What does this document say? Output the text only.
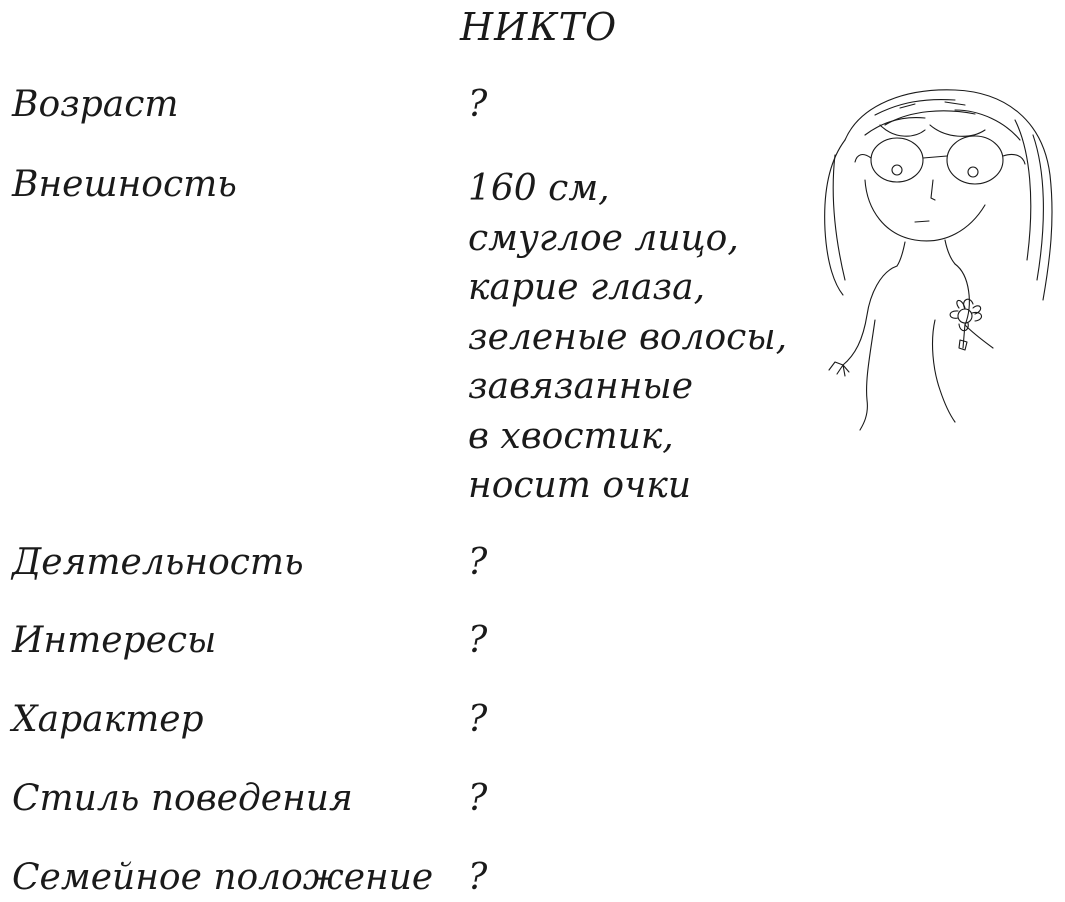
НИКТО
Возраст	?
Внешность	160 см,
смуглое лицо,
карие глаза,
зеленые волосы,
завязанные
в хвостик,
носит очки
Деятельность	?
Интересы	?
Характер	?
Стиль поведения	?
Семейное положение ?
